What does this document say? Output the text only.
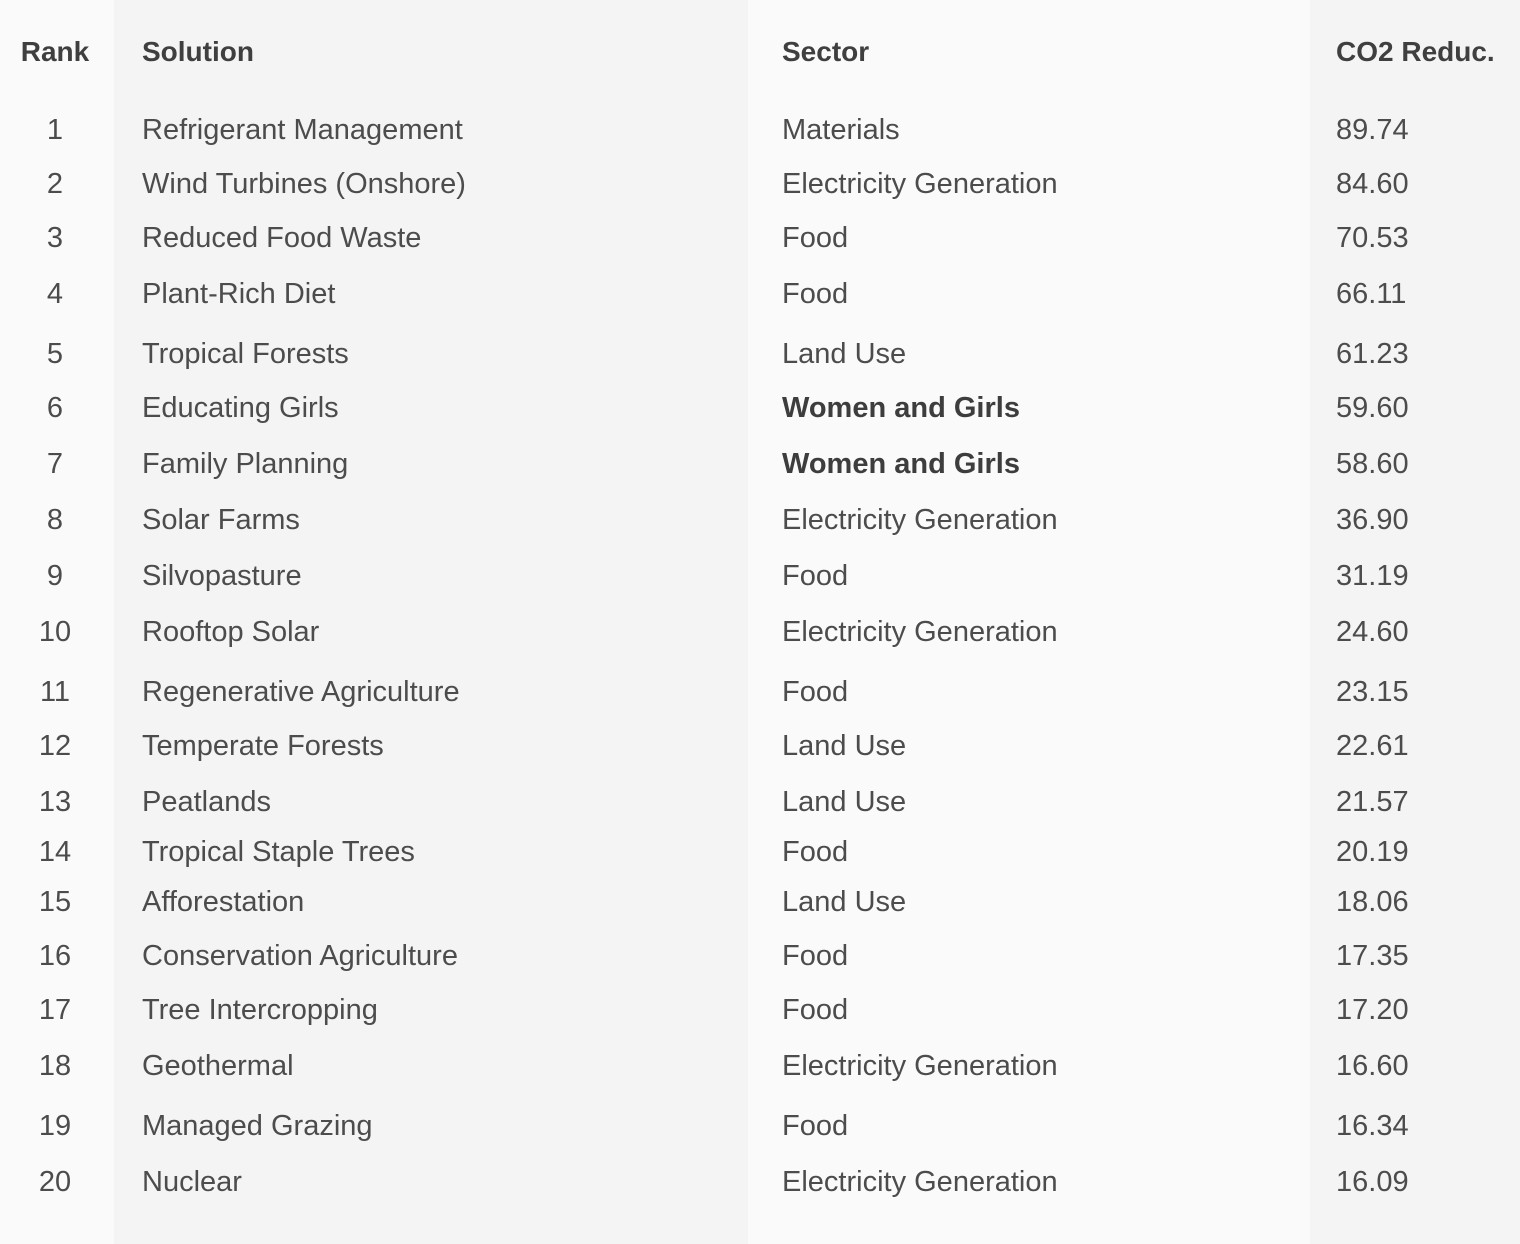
Rank	Solution	Sector	CO2 Reduc.
1	Refrigerant Management	Materials	89.74
2	Wind Turbines (Onshore)	Electricity Generation	84.60
3	Reduced Food Waste	Food	70.53
4	Plant-Rich Diet	Food	66.11
5	Tropical Forests	Land Use	61.23
6	Educating Girls	Women and Girls	59.60
7	Family Planning	Women and Girls	58.60
8	Solar Farms	Electricity Generation	36.90
9	Silvopasture	Food	31.19
10	Rooftop Solar	Electricity Generation	24.60
11	Regenerative Agriculture	Food	23.15
12	Temperate Forests	Land Use	22.61
13	Peatlands	Land Use	21.57
14	Tropical Staple Trees	Food	20.19
15	Afforestation	Land Use	18.06
16	Conservation Agriculture	Food	17.35
17	Tree Intercropping	Food	17.20
18	Geothermal	Electricity Generation	16.60
19	Managed Grazing	Food	16.34
20	Nuclear	Electricity Generation	16.09
